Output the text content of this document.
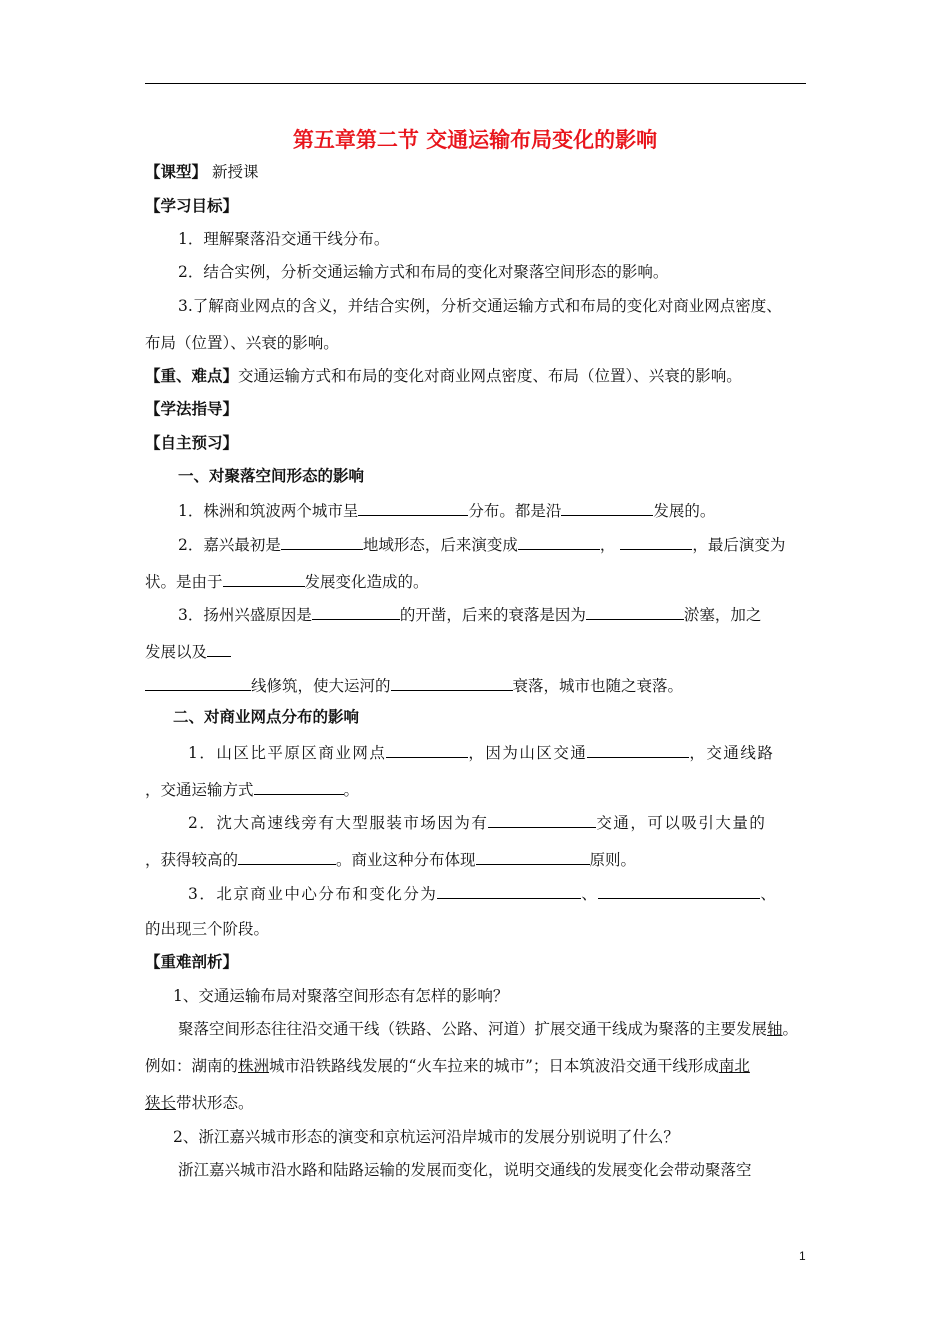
第五章第二节 交通运输布局变化的影响
【课型】 新授课
【学习目标】
1．理解聚落沿交通干线分布。
2．结合实例，分析交通运输方式和布局的变化对聚落空间形态的影响。
3.了解商业网点的含义，并结合实例，分析交通运输方式和布局的变化对商业网点密度、
布局（位置）、兴衰的影响。
【重、难点】交通运输方式和布局的变化对商业网点密度、布局（位置）、兴衰的影响。
【学法指导】
【自主预习】
一、对聚落空间形态的影响
1．株洲和筑波两个城市呈	分布。都是沿	发展的。
2．嘉兴最初是	地域形态，后来演变成	，	，最后演变为
状。是由于	发展变化造成的。
3．扬州兴盛原因是	的开凿，后来的衰落是因为	淤塞，加之
发展以及
线修筑，使大运河的	衰落，城市也随之衰落。
二、对商业网点分布的影响
1．山区比平原区商业网点	，因为山区交通	，交通线路
，交通运输方式	。
2．沈大高速线旁有大型服装市场因为有	交通，可以吸引大量的
，获得较高的	。商业这种分布体现	原则。
3．北京商业中心分布和变化分为	、	、
的出现三个阶段。
【重难剖析】
1、交通运输布局对聚落空间形态有怎样的影响？
聚落空间形态往往沿交通干线（铁路、公路、河道）扩展交通干线成为聚落的主要发展轴。
例如：湖南的株洲城市沿铁路线发展的“火车拉来的城市”；日本筑波沿交通干线形成南北
狭长带状形态。
2、浙江嘉兴城市形态的演变和京杭运河沿岸城市的发展分别说明了什么？
浙江嘉兴城市沿水路和陆路运输的发展而变化，说明交通线的发展变化会带动聚落空
1
